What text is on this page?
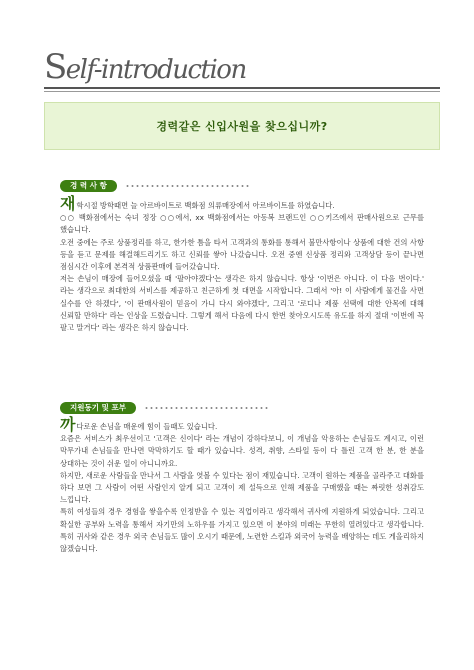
Self-introduction
경력같은 신입사원을 찾으십니까?
경 력 사 항

재학시절 방학때면 늘 아르바이트로 백화점 의류매장에서 아르바이트를 하였습니다.

○○ 백화점에서는 숙녀 정장 ○○에서, xx 백화점에서는 아동복 브랜드인 ○○키즈에서 판매사원으로 근무를 했습니다.

오전 중에는 주로 상품정리를 하고, 한가한 틈을 타서 고객과의 통화를 통해서 불만사항이나 상품에 대한 건의 사항 등을 듣고 문제를 해결해드리기도 하고 신뢰를 쌓아 나갔습니다. 오전 중엔 신상품 정리와 고객상담 등이 끝나면 점심시간 이후에 본격적 상품판매에 들어갔습니다.

저는 손님이 매장에 들어오셨을 때 '팔아야겠다'는 생각은 하지 않습니다. 항상 '이번은 아니다. 이 다음 번이다.' 라는 생각으로 최대한의 서비스를 제공하고 친근하게 첫 대면을 시작합니다. 그래서 '아! 이 사람에게 물건을 사면 실수를 안 하겠다', '이 판매사원이 믿음이 가니 다시 와야겠다', 그리고 '로디나 제품 선택에 대한 안목에 대해 신뢰할 만하다' 라는 인상을 드렸습니다. 그렇게 해서 다음에 다시 한번 찾아오시도록 유도를 하지 절대 '이번에 꼭 팔고 말거다' 라는 생각은 하지 않습니다.

지원동기 및 포부

까다로운 손님을 매운에 힘이 들때도 있습니다.

요즘은 서비스가 최우선이고 '고객은 신이다' 라는 개념이 강하다보니, 이 개념을 악용하는 손님들도 계시고, 이런 막무가내 손님들을 만나면 막막하기도 할 때가 있습니다. 성격, 취향, 스타일 등이 다 틀린 고객 한 분, 한 분을 상대하는 것이 쉬운 일이 아니니까요.

하지만, 새로운 사람들을 만나서 그 사람을 엿볼 수 있다는 점이 재밌습니다. 고객이 원하는 제품을 골라주고 대화를 하다 보면 그 사람이 어떤 사람인지 알게 되고 고객이 제 설득으로 인해 제품을 구매했을 때는 짜릿한 성취감도 느낍니다.

특히 여성들의 경우 경험을 쌓을수록 인정받을 수 있는 직업이라고 생각해서 귀사에 지원하게 되었습니다. 그리고 확실한 공부와 노력을 통해서 자기만의 노하우를 가지고 있으면 이 분야의 미래는 무한히 열려있다고 생각합니다. 특히 귀사와 같은 경우 외국 손님들도 많이 오시기 때문에, 노련한 스킬과 외국어 능력을 배양하는 데도 게을리하지 않겠습니다.
